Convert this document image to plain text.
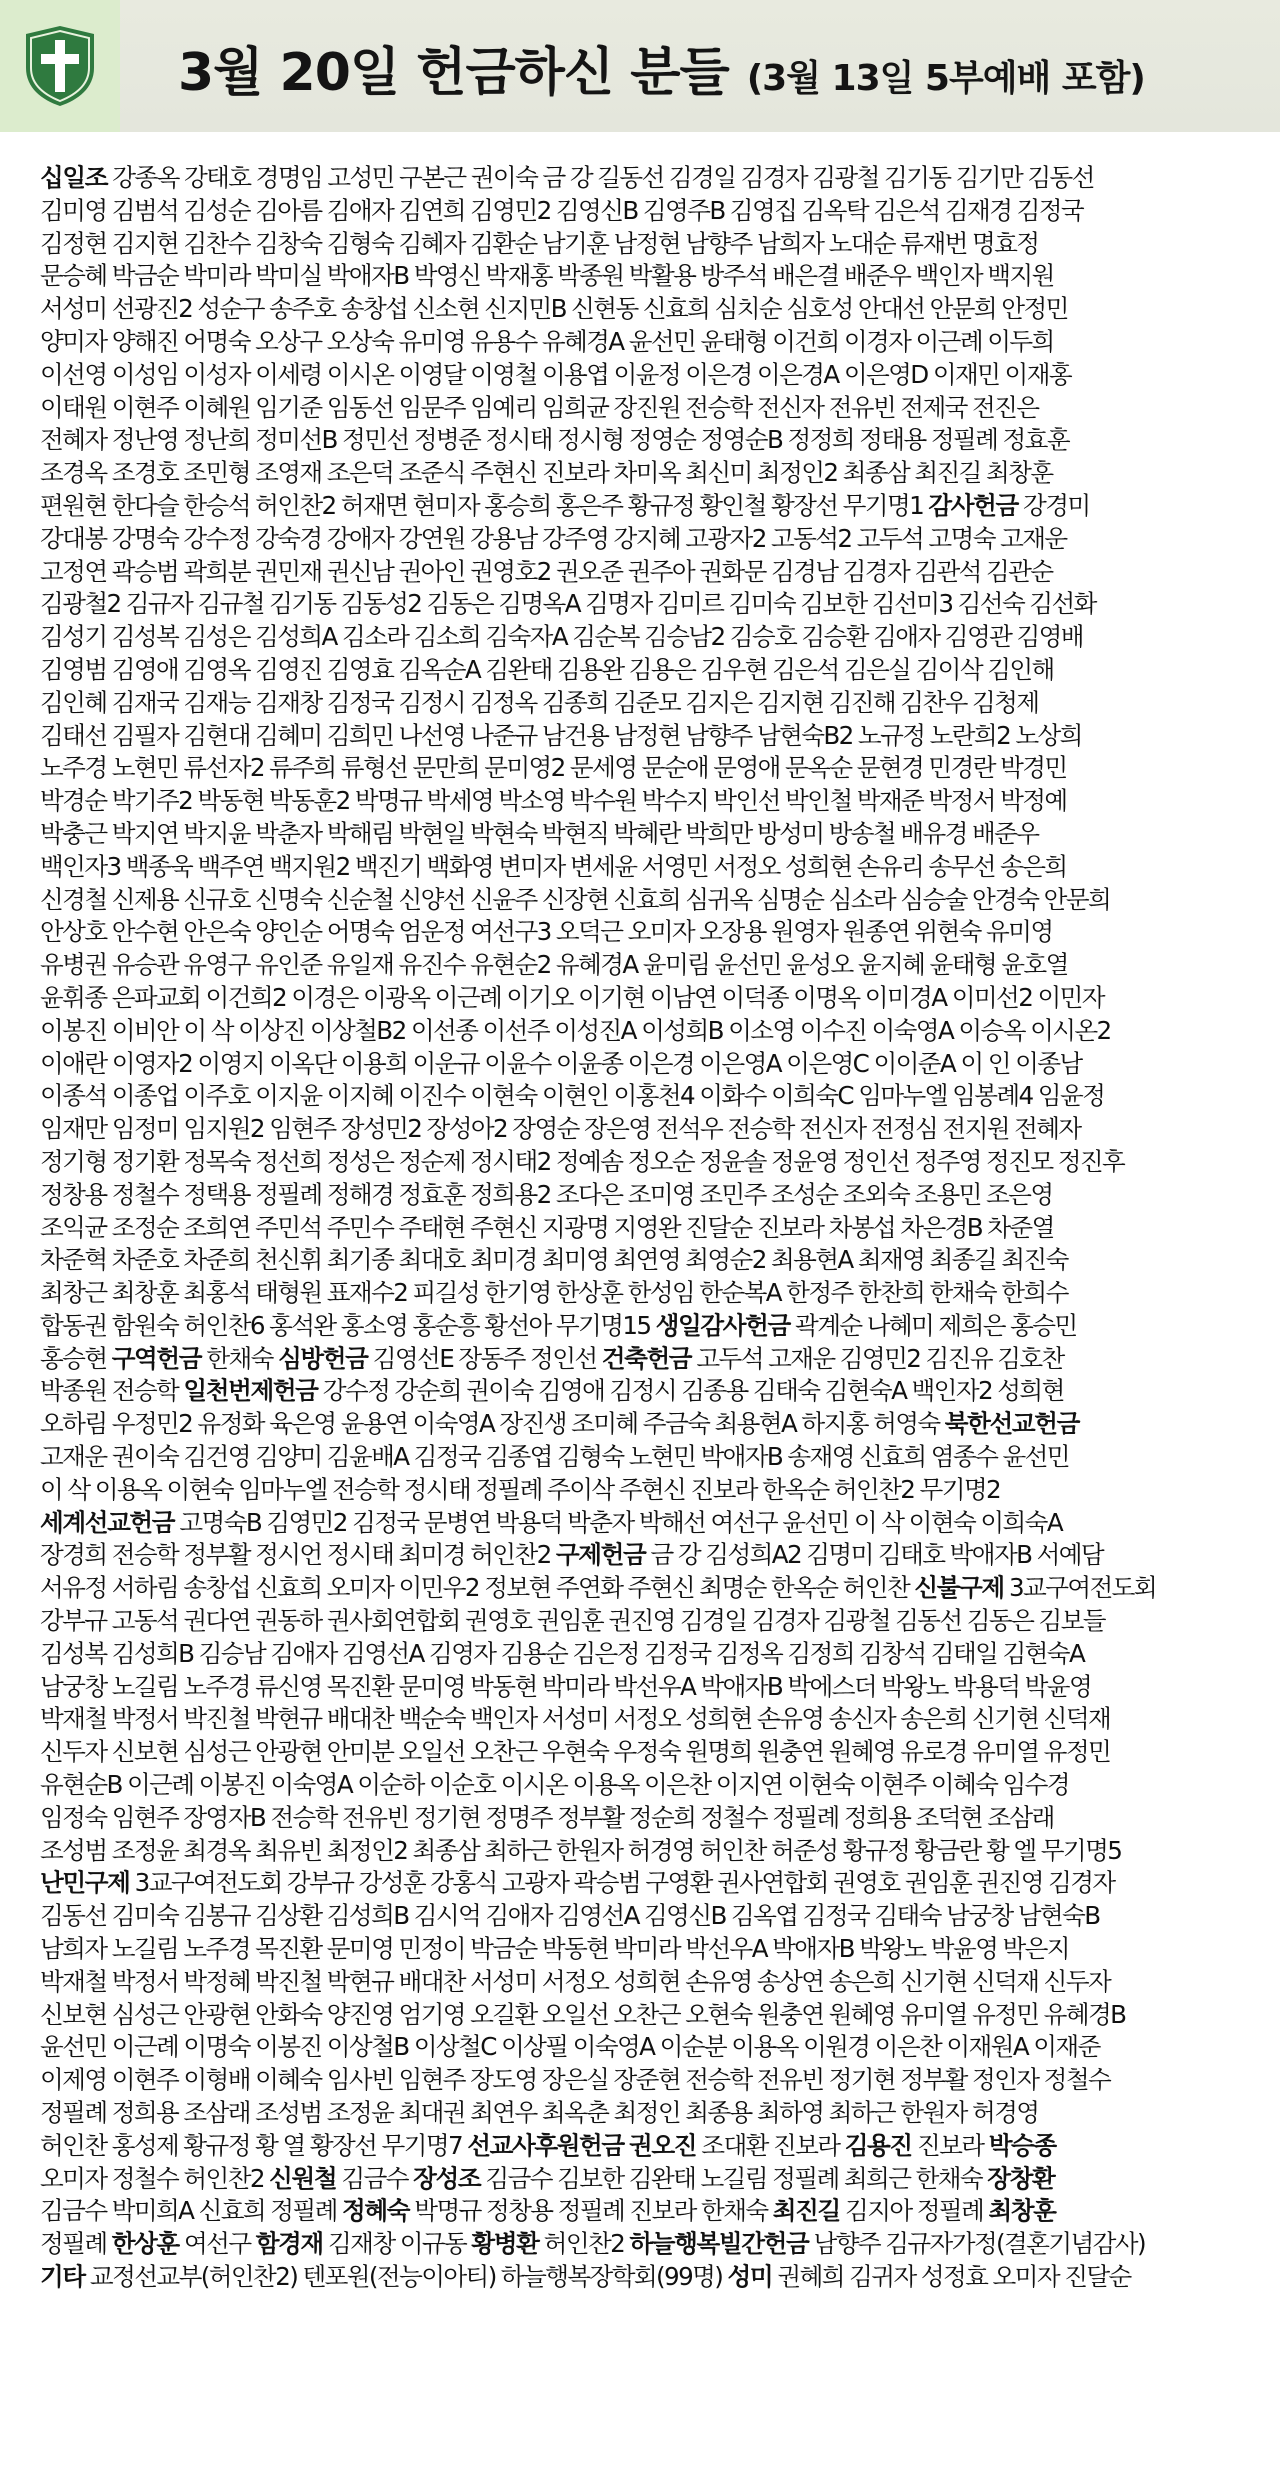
3월 20일 헌금하신 분들 (3월 13일 5부예배 포함)
십일조 강종옥 강태호 경명임 고성민 구본근 권이숙 금 강 길동선 김경일 김경자 김광철 김기동 김기만 김동선
김미영 김범석 김성순 김아름 김애자 김연희 김영민2 김영신B 김영주B 김영집 김옥탁 김은석 김재경 김정국
김정현 김지현 김찬수 김창숙 김형숙 김혜자 김환순 남기훈 남정현 남향주 남희자 노대순 류재번 명효정
문승혜 박금순 박미라 박미실 박애자B 박영신 박재홍 박종원 박활용 방주석 배은결 배준우 백인자 백지원
서성미 선광진2 성순구 송주호 송창섭 신소현 신지민B 신현동 신효희 심치순 심호성 안대선 안문희 안정민
양미자 양해진 어명숙 오상구 오상숙 유미영 유용수 유혜경A 윤선민 윤태형 이건희 이경자 이근례 이두희
이선영 이성임 이성자 이세령 이시온 이영달 이영철 이용엽 이윤정 이은경 이은경A 이은영D 이재민 이재홍
이태원 이현주 이혜원 임기준 임동선 임문주 임예리 임희균 장진원 전승학 전신자 전유빈 전제국 전진은
전혜자 정난영 정난희 정미선B 정민선 정병준 정시태 정시형 정영순 정영순B 정정희 정태용 정필례 정효훈
조경옥 조경호 조민형 조영재 조은덕 조준식 주현신 진보라 차미옥 최신미 최정인2 최종삼 최진길 최창훈
편원현 한다슬 한승석 허인찬2 허재면 현미자 홍승희 홍은주 황규정 황인철 황장선 무기명1 감사헌금 강경미
강대봉 강명숙 강수정 강숙경 강애자 강연원 강용남 강주영 강지혜 고광자2 고동석2 고두석 고명숙 고재운
고정연 곽승범 곽희분 권민재 권신남 권아인 권영호2 권오준 권주아 권화문 김경남 김경자 김관석 김관순
김광철2 김규자 김규철 김기동 김동성2 김동은 김명옥A 김명자 김미르 김미숙 김보한 김선미3 김선숙 김선화
김성기 김성복 김성은 김성희A 김소라 김소희 김숙자A 김순복 김승남2 김승호 김승환 김애자 김영관 김영배
김영범 김영애 김영옥 김영진 김영효 김옥순A 김완태 김용완 김용은 김우현 김은석 김은실 김이삭 김인해
김인혜 김재국 김재능 김재창 김정국 김정시 김정옥 김종희 김준모 김지은 김지현 김진해 김찬우 김청제
김태선 김필자 김현대 김혜미 김희민 나선영 나준규 남건용 남정현 남향주 남현숙B2 노규정 노란희2 노상희
노주경 노현민 류선자2 류주희 류형선 문만희 문미영2 문세영 문순애 문영애 문옥순 문현경 민경란 박경민
박경순 박기주2 박동현 박동훈2 박명규 박세영 박소영 박수원 박수지 박인선 박인철 박재준 박정서 박정예
박충근 박지연 박지윤 박춘자 박해림 박현일 박현숙 박현직 박혜란 박희만 방성미 방송철 배유경 배준우
백인자3 백종욱 백주연 백지원2 백진기 백화영 변미자 변세윤 서영민 서정오 성희현 손유리 송무선 송은희
신경철 신제용 신규호 신명숙 신순철 신양선 신윤주 신장현 신효희 심귀옥 심명순 심소라 심승술 안경숙 안문희
안상호 안수현 안은숙 양인순 어명숙 엄운정 여선구3 오덕근 오미자 오장용 원영자 원종연 위현숙 유미영
유병권 유승관 유영구 유인준 유일재 유진수 유현순2 유혜경A 윤미림 윤선민 윤성오 윤지혜 윤태형 윤호열
윤휘종 은파교회 이건희2 이경은 이광옥 이근례 이기오 이기현 이남연 이덕종 이명옥 이미경A 이미선2 이민자
이봉진 이비안 이 삭 이상진 이상철B2 이선종 이선주 이성진A 이성희B 이소영 이수진 이숙영A 이승옥 이시온2
이애란 이영자2 이영지 이옥단 이용희 이운규 이윤수 이윤종 이은경 이은영A 이은영C 이이준A 이 인 이종남
이종석 이종업 이주호 이지윤 이지혜 이진수 이현숙 이현인 이홍천4 이화수 이희숙C 임마누엘 임봉례4 임윤정
임재만 임정미 임지원2 임현주 장성민2 장성아2 장영순 장은영 전석우 전승학 전신자 전정심 전지원 전혜자
정기형 정기환 정목숙 정선희 정성은 정순제 정시태2 정예솜 정오순 정윤솔 정윤영 정인선 정주영 정진모 정진후
정창용 정철수 정택용 정필례 정해경 정효훈 정희용2 조다은 조미영 조민주 조성순 조외숙 조용민 조은영
조익균 조정순 조희연 주민석 주민수 주태현 주현신 지광명 지영완 진달순 진보라 차봉섭 차은경B 차준열
차준혁 차준호 차준희 천신휘 최기종 최대호 최미경 최미영 최연영 최영순2 최용현A 최재영 최종길 최진숙
최창근 최창훈 최홍석 태형원 표재수2 피길성 한기영 한상훈 한성임 한순복A 한정주 한찬희 한채숙 한희수
합동권 함원숙 허인찬6 홍석완 홍소영 홍순흥 황선아 무기명15 생일감사헌금 곽계순 나혜미 제희은 홍승민
홍승현 구역헌금 한채숙 심방헌금 김영선E 장동주 정인선 건축헌금 고두석 고재운 김영민2 김진유 김호찬
박종원 전승학 일천번제헌금 강수정 강순희 권이숙 김영애 김정시 김종용 김태숙 김현숙A 백인자2 성희현
오하림 우정민2 유정화 육은영 윤용연 이숙영A 장진생 조미혜 주금숙 최용현A 하지홍 허영숙 북한선교헌금
고재운 권이숙 김건영 김양미 김윤배A 김정국 김종엽 김형숙 노현민 박애자B 송재영 신효희 염종수 윤선민
이 삭 이용옥 이현숙 임마누엘 전승학 정시태 정필례 주이삭 주현신 진보라 한옥순 허인찬2 무기명2
세계선교헌금 고명숙B 김영민2 김정국 문병연 박용덕 박춘자 박해선 여선구 윤선민 이 삭 이현숙 이희숙A
장경희 전승학 정부활 정시언 정시태 최미경 허인찬2 구제헌금 금 강 김성희A2 김명미 김태호 박애자B 서예담
서유정 서하림 송창섭 신효희 오미자 이민우2 정보현 주연화 주현신 최명순 한옥순 허인찬 신불구제 3교구여전도회
강부규 고동석 권다연 권동하 권사회연합회 권영호 권임훈 권진영 김경일 김경자 김광철 김동선 김동은 김보들
김성복 김성희B 김승남 김애자 김영선A 김영자 김용순 김은정 김정국 김정옥 김정희 김창석 김태일 김현숙A
남궁창 노길림 노주경 류신영 목진환 문미영 박동현 박미라 박선우A 박애자B 박에스더 박왕노 박용덕 박윤영
박재철 박정서 박진철 박현규 배대찬 백순숙 백인자 서성미 서정오 성희현 손유영 송신자 송은희 신기현 신덕재
신두자 신보현 심성근 안광현 안미분 오일선 오찬근 우현숙 우정숙 원명희 원충연 원혜영 유로경 유미열 유정민
유현순B 이근례 이봉진 이숙영A 이순하 이순호 이시온 이용옥 이은찬 이지연 이현숙 이현주 이혜숙 임수경
임정숙 임현주 장영자B 전승학 전유빈 정기현 정명주 정부활 정순희 정철수 정필례 정희용 조덕현 조삼래
조성범 조정윤 최경옥 최유빈 최정인2 최종삼 최하근 한원자 허경영 허인찬 허준성 황규정 황금란 황 엘 무기명5
난민구제 3교구여전도회 강부규 강성훈 강홍식 고광자 곽승범 구영환 권사연합회 권영호 권임훈 권진영 김경자
김동선 김미숙 김봉규 김상환 김성희B 김시억 김애자 김영선A 김영신B 김옥엽 김정국 김태숙 남궁창 남현숙B
남희자 노길림 노주경 목진환 문미영 민정이 박금순 박동현 박미라 박선우A 박애자B 박왕노 박윤영 박은지
박재철 박정서 박정혜 박진철 박현규 배대찬 서성미 서정오 성희현 손유영 송상연 송은희 신기현 신덕재 신두자
신보현 심성근 안광현 안화숙 양진영 엄기영 오길환 오일선 오찬근 오현숙 원충연 원혜영 유미열 유정민 유혜경B
윤선민 이근례 이명숙 이봉진 이상철B 이상철C 이상필 이숙영A 이순분 이용옥 이원경 이은찬 이재원A 이재준
이제영 이현주 이형배 이혜숙 임사빈 임현주 장도영 장은실 장준현 전승학 전유빈 정기현 정부활 정인자 정철수
정필례 정희용 조삼래 조성범 조정윤 최대권 최연우 최옥춘 최정인 최종용 최하영 최하근 한원자 허경영
허인찬 홍성제 황규정 황 열 황장선 무기명7 선교사후원헌금 권오진 조대환 진보라 김용진 진보라 박승종
오미자 정철수 허인찬2 신원철 김금수 장성조 김금수 김보한 김완태 노길림 정필례 최희근 한채숙 장창환
김금수 박미희A 신효희 정필례 정혜숙 박명규 정창용 정필례 진보라 한채숙 최진길 김지아 정필례 최창훈
정필례 한상훈 여선구 함경재 김재창 이규동 황병환 허인찬2 하늘행복빌간헌금 남향주 김규자가정(결혼기념감사)
기타 교정선교부(허인찬2) 텐포원(전능이아티) 하늘행복장학회(99명) 성미 권혜희 김귀자 성정효 오미자 진달순
